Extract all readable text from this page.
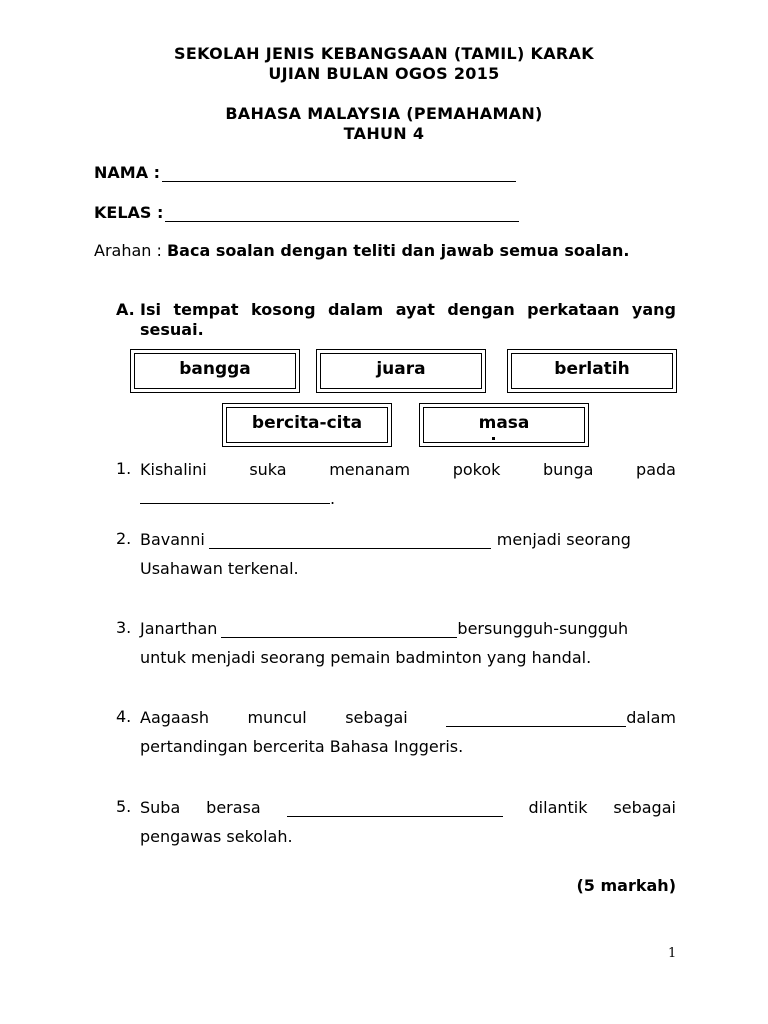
SEKOLAH JENIS KEBANGSAAN (TAMIL) KARAK
UJIAN BULAN OGOS 2015
BAHASA MALAYSIA (PEMAHAMAN)
TAHUN 4
NAMA :
KELAS :
Arahan : Baca soalan dengan teliti dan jawab semua soalan.
A. Isi tempat kosong dalam ayat dengan perkataan yang sesuai.
bangga	juara	berlatih
bercita-cita	masa
1. Kishalini	suka	menanam	pokok	bunga	pada
.
2. Bavanni	menjadi seorang
Usahawan terkenal.
3. Janarthan	bersungguh-sungguh
untuk menjadi seorang pemain badminton yang handal.
4. Aagaash muncul sebagai	dalam
pertandingan bercerita Bahasa Inggeris.
5. Suba berasa	dilantik sebagai
pengawas sekolah.
(5 markah)
1
